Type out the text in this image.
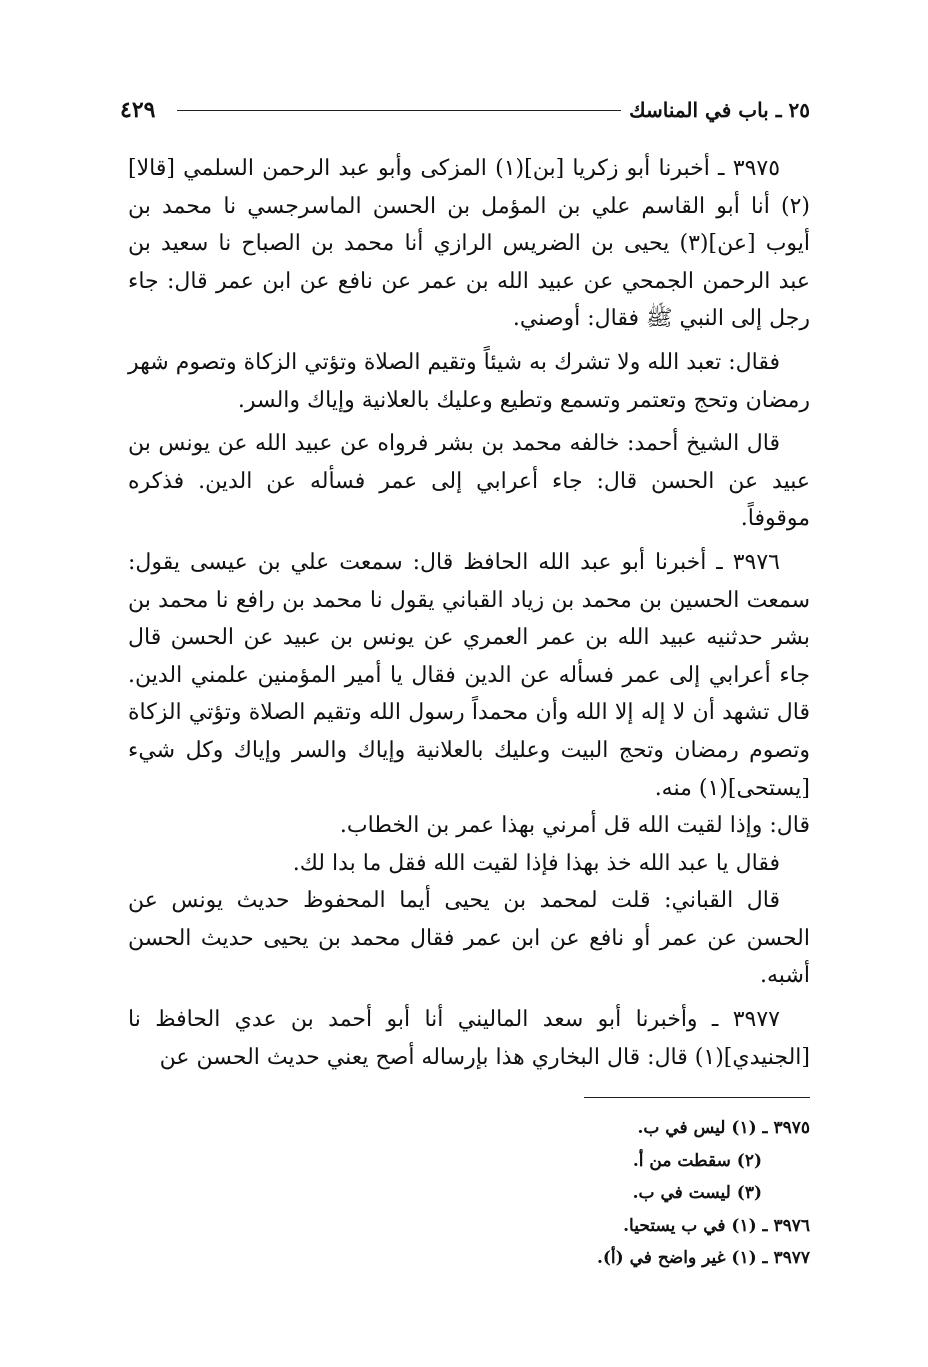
٤٢٩	٢٥ ـ باب في المناسك

٣٩٧٥ ـ أخبرنا أبو زكريا [بن](١) المزكى وأبو عبد الرحمن السلمي [قالا](٢) أنا أبو القاسم علي بن المؤمل بن الحسن الماسرجسي نا محمد بن أيوب [عن](٣) يحيى بن الضريس الرازي أنا محمد بن الصباح نا سعيد بن عبد الرحمن الجمحي عن عبيد الله بن عمر عن نافع عن ابن عمر قال: جاء رجل إلى النبي ﷺ فقال: أوصني.

فقال: تعبد الله ولا تشرك به شيئاً وتقيم الصلاة وتؤتي الزكاة وتصوم شهر رمضان وتحج وتعتمر وتسمع وتطيع وعليك بالعلانية وإياك والسر.

قال الشيخ أحمد: خالفه محمد بن بشر فرواه عن عبيد الله عن يونس بن عبيد عن الحسن قال: جاء أعرابي إلى عمر فسأله عن الدين. فذكره موقوفاً.

٣٩٧٦ ـ أخبرنا أبو عبد الله الحافظ قال: سمعت علي بن عيسى يقول: سمعت الحسين بن محمد بن زياد القباني يقول نا محمد بن رافع نا محمد بن بشر حدثنيه عبيد الله بن عمر العمري عن يونس بن عبيد عن الحسن قال جاء أعرابي إلى عمر فسأله عن الدين فقال يا أمير المؤمنين علمني الدين. قال تشهد أن لا إله إلا الله وأن محمداً رسول الله وتقيم الصلاة وتؤتي الزكاة وتصوم رمضان وتحج البيت وعليك بالعلانية وإياك والسر وإياك وكل شيء [يستحى](١) منه.

قال: وإذا لقيت الله قل أمرني بهذا عمر بن الخطاب.

فقال يا عبد الله خذ بهذا فإذا لقيت الله فقل ما بدا لك.

قال القباني: قلت لمحمد بن يحيى أيما المحفوظ حديث يونس عن الحسن عن عمر أو نافع عن ابن عمر فقال محمد بن يحيى حديث الحسن أشبه.

٣٩٧٧ ـ وأخبرنا أبو سعد الماليني أنا أبو أحمد بن عدي الحافظ نا [الجنيدي](١) قال: قال البخاري هذا بإرساله أصح يعني حديث الحسن عن

٣٩٧٥ ـ (١) ليس في ب.
(٢) سقطت من أ.
(٣) ليست في ب.
٣٩٧٦ ـ (١) في ب يستحيا.
٣٩٧٧ ـ (١) غير واضح في (أ).
